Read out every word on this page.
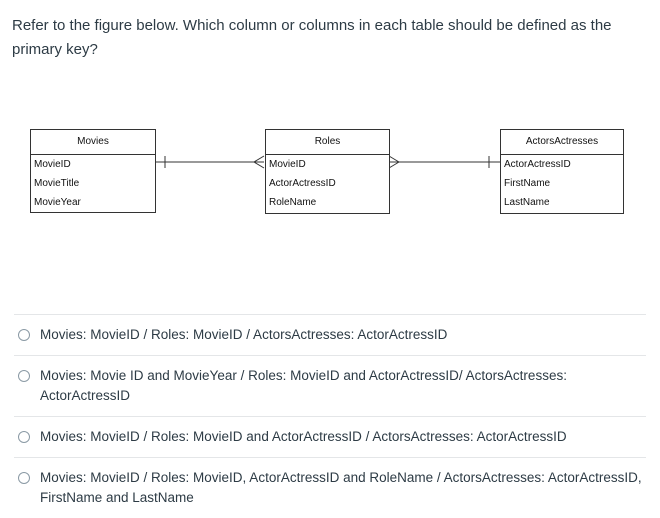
Refer to the figure below. Which column or columns in each table should be defined as the primary key?
Movies
MovieID
MovieTitle
MovieYear
Roles
MovieID
ActorActressID
RoleName
ActorsActresses
ActorActressID
FirstName
LastName
Movies: MovieID / Roles: MovieID / ActorsActresses: ActorActressID
Movies: Movie ID and MovieYear / Roles: MovieID and ActorActressID/ ActorsActresses: ActorActressID
Movies: MovieID / Roles: MovieID and ActorActressID / ActorsActresses: ActorActressID
Movies: MovieID / Roles: MovieID, ActorActressID and RoleName / ActorsActresses: ActorActressID, FirstName and LastName
